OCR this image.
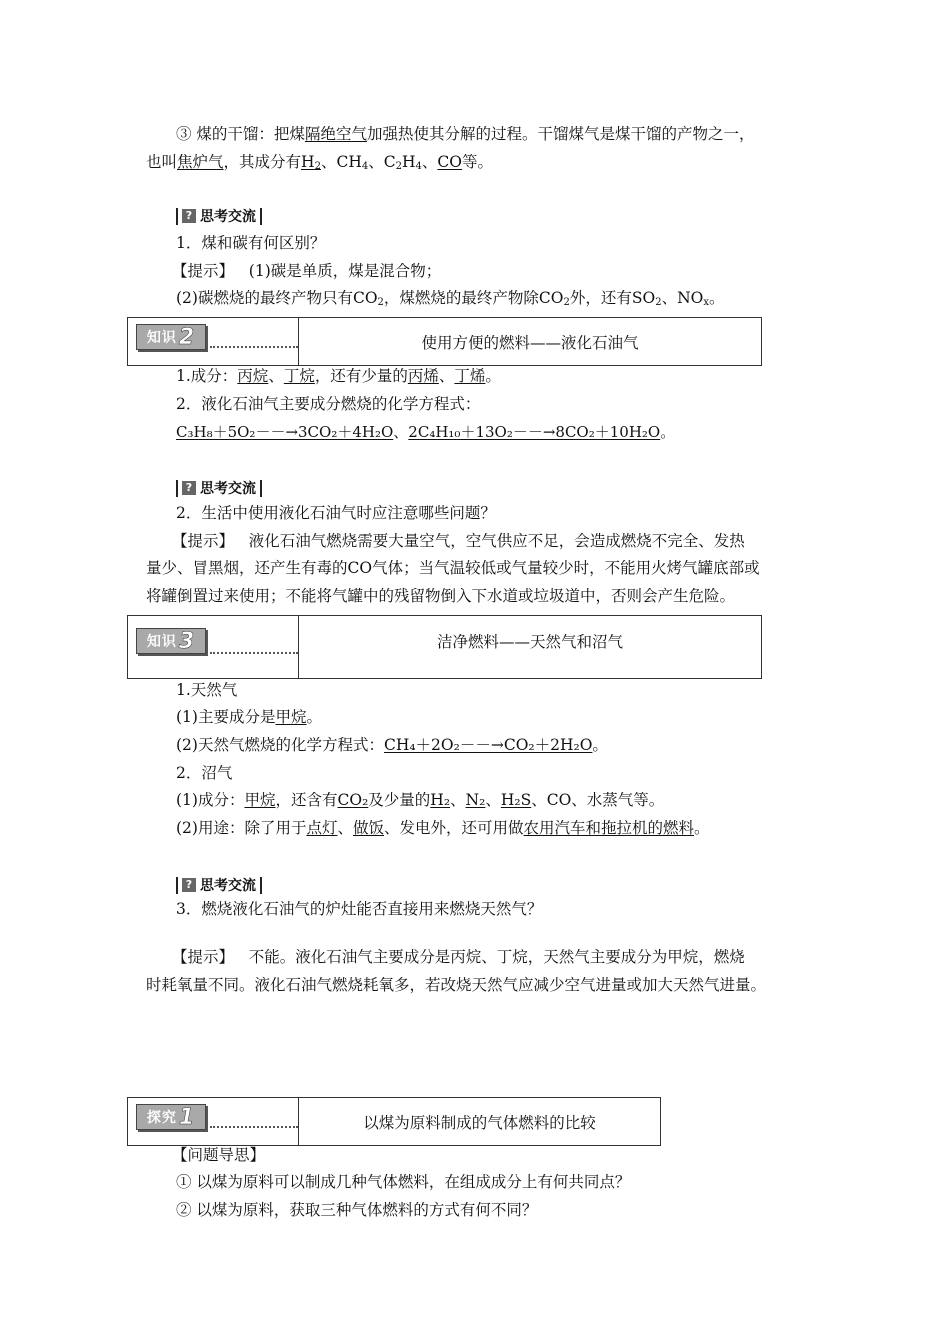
③ 煤的干馏：把煤隔绝空气加强热使其分解的过程。干馏煤气是煤干馏的产物之一，
也叫焦炉气，其成分有$H_2$、$CH_4$、$C_2H_4$、CO等。
? 思考交流
1．煤和碳有何区别？
【提示】 (1)碳是单质，煤是混合物；
(2)碳燃烧的最终产物只有$CO_2$，煤燃烧的最终产物除$CO_2$外，还有$SO_2$、$NO_x$。
知识 2	使用方便的燃料——液化石油气
1.成分：丙烷、丁烷，还有少量的丙烯、丁烯。
2．液化石油气主要成分燃烧的化学方程式：
C₃H₈＋5O₂－－→3CO₂＋4H₂O、2C₄H₁₀＋13O₂－－→8CO₂＋10H₂O。
? 思考交流
2．生活中使用液化石油气时应注意哪些问题？
【提示】 液化石油气燃烧需要大量空气，空气供应不足，会造成燃烧不完全、发热
量少、冒黑烟，还产生有毒的CO气体；当气温较低或气量较少时，不能用火烤气罐底部或
将罐倒置过来使用；不能将气罐中的残留物倒入下水道或垃圾道中，否则会产生危险。
知识 3	洁净燃料——天然气和沼气
1.天然气
(1)主要成分是甲烷。
(2)天然气燃烧的化学方程式：CH₄＋2O₂－－→CO₂＋2H₂O。
2．沼气
(1)成分：甲烷，还含有CO₂及少量的H₂、N₂、H₂S、CO、水蒸气等。
(2)用途：除了用于点灯、做饭、发电外，还可用做农用汽车和拖拉机的燃料。
? 思考交流
3．燃烧液化石油气的炉灶能否直接用来燃烧天然气？
【提示】 不能。液化石油气主要成分是丙烷、丁烷，天然气主要成分为甲烷，燃烧
时耗氧量不同。液化石油气燃烧耗氧多，若改烧天然气应减少空气进量或加大天然气进量。
探究 1	以煤为原料制成的气体燃料的比较
【问题导思】
① 以煤为原料可以制成几种气体燃料，在组成成分上有何共同点？
② 以煤为原料，获取三种气体燃料的方式有何不同？
